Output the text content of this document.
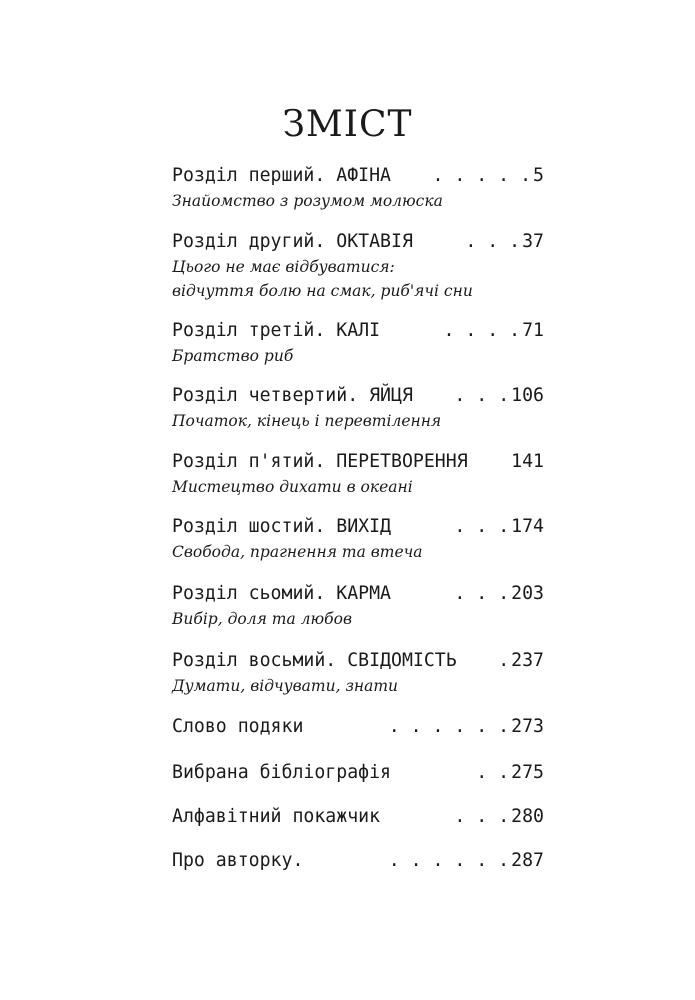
ЗМІСТ
Розділ перший. АФІНА	. . . . . 5
Знайомство з розумом молюска
Розділ другий. ОКТАВІЯ	. . . 37
Цього не має відбуватися:
відчуття болю на смак, риб'ячі сни
Розділ третій. КАЛІ	. . . . 71
Братство риб
Розділ четвертий. ЯЙЦЯ	. . . 106
Початок, кінець і перевтілення
Розділ п'ятий. ПЕРЕТВОРЕННЯ 141
Мистецтво дихати в океані
Розділ шостий. ВИХІД	. . . 174
Свобода, прагнення та втеча
Розділ сьомий. КАРМА	. . . 203
Вибір, доля та любов
Розділ восьмий. СВІДОМІСТЬ	. 237
Думати, відчувати, знати
Слово подяки	. . . . . . 273
Вибрана бібліографія	. . 275
Алфавітний покажчик	. . . 280
Про авторку.	. . . . . . 287
